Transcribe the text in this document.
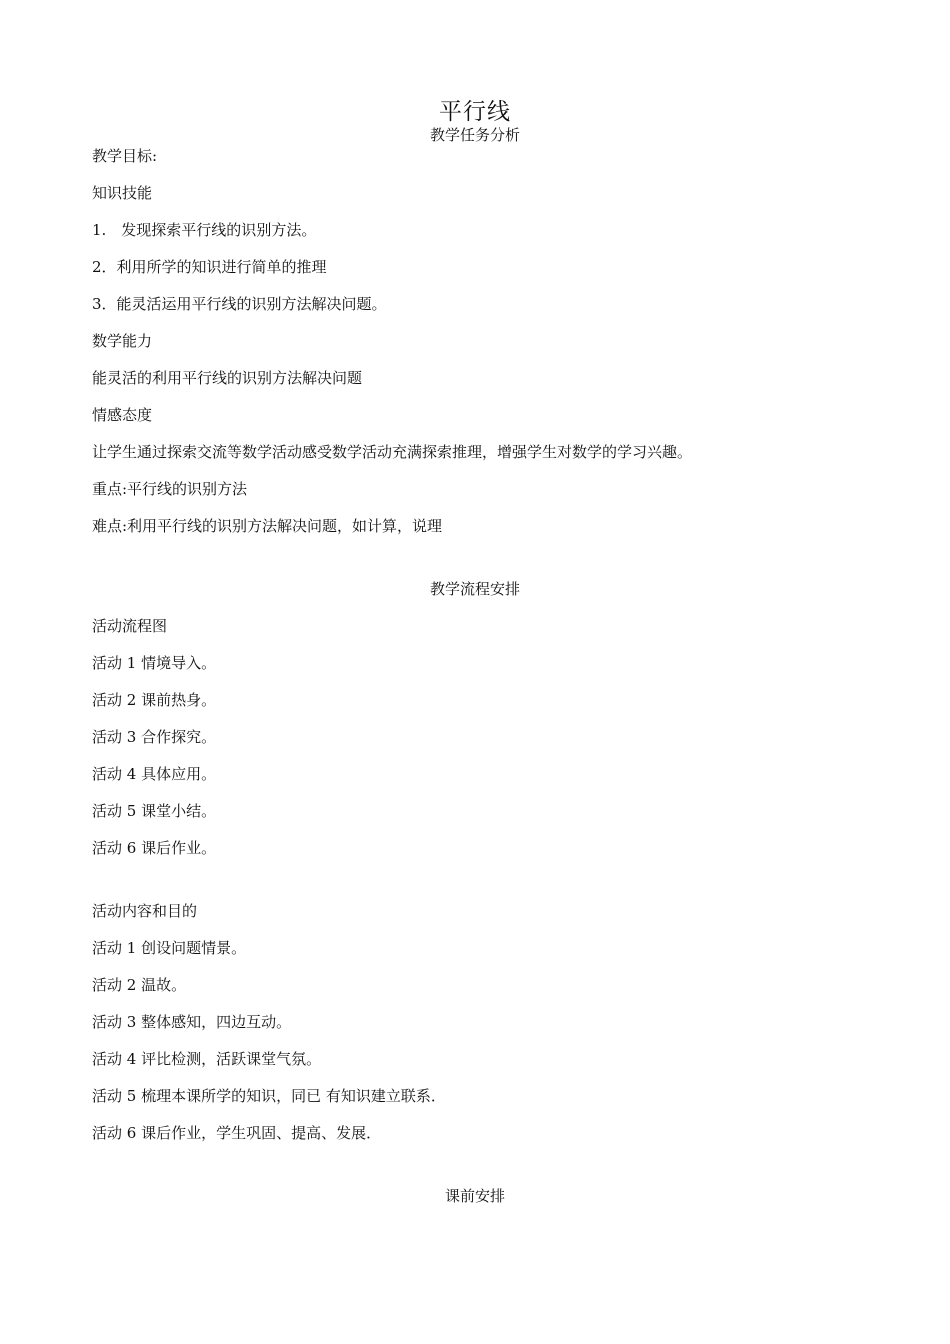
平行线
教学任务分析
教学目标:
知识技能
1.　发现探索平行线的识别方法。
2．利用所学的知识进行简单的推理
3．能灵活运用平行线的识别方法解决问题。
数学能力
能灵活的利用平行线的识别方法解决问题
情感态度
让学生通过探索交流等数学活动感受数学活动充满探索推理，增强学生对数学的学习兴趣。
重点:平行线的识别方法
难点:利用平行线的识别方法解决问题，如计算，说理
教学流程安排
活动流程图
活动 1 情境导入。
活动 2 课前热身。
活动 3 合作探究。
活动 4 具体应用。
活动 5 课堂小结。
活动 6 课后作业。
活动内容和目的
活动 1 创设问题情景。
活动 2 温故。
活动 3 整体感知，四边互动。
活动 4 评比检测，活跃课堂气氛。
活动 5 梳理本课所学的知识，同已 有知识建立联系．
活动 6 课后作业，学生巩固、提高、发展．
课前安排
